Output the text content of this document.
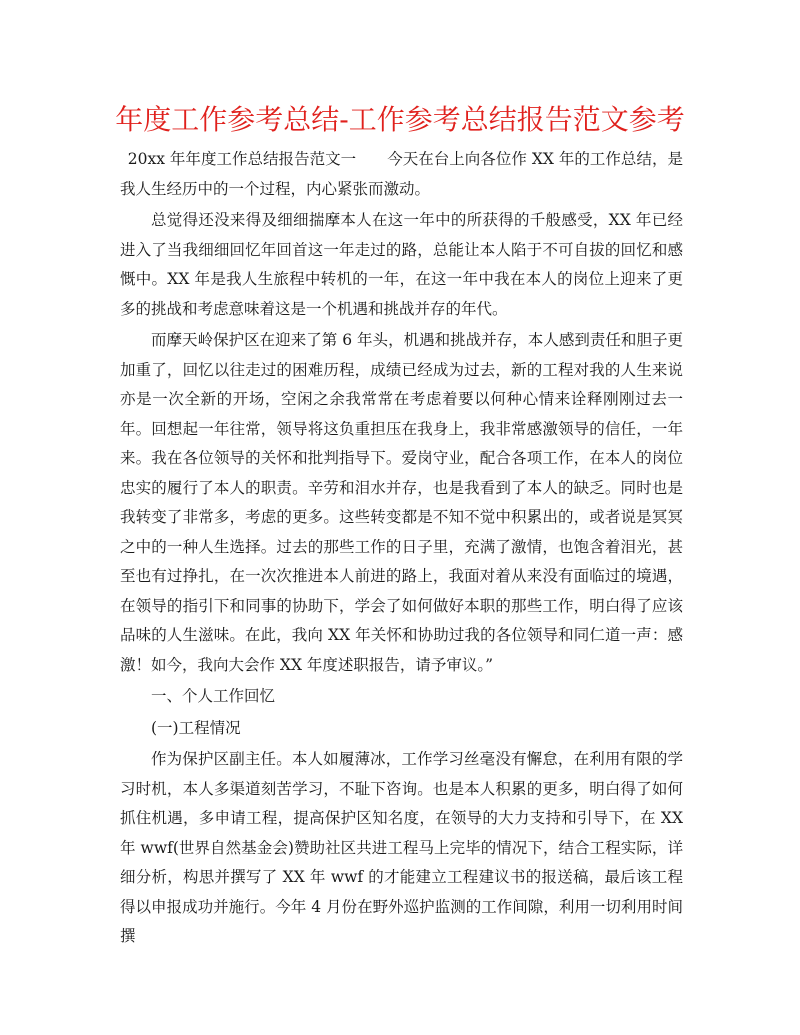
年度工作参考总结-工作参考总结报告范文参考

20xx 年年度工作总结报告范文一　　今天在台上向各位作 XX 年的工作总结，是我人生经历中的一个过程，内心紧张而激动。

总觉得还没来得及细细揣摩本人在这一年中的所获得的千般感受，XX 年已经进入了当我细细回忆年回首这一年走过的路，总能让本人陷于不可自拔的回忆和感慨中。XX 年是我人生旅程中转机的一年，在这一年中我在本人的岗位上迎来了更多的挑战和考虑意味着这是一个机遇和挑战并存的年代。

而摩天岭保护区在迎来了第 6 年头，机遇和挑战并存，本人感到责任和胆子更加重了，回忆以往走过的困难历程，成绩已经成为过去，新的工程对我的人生来说亦是一次全新的开场，空闲之余我常常在考虑着要以何种心情来诠释刚刚过去一年。回想起一年往常，领导将这负重担压在我身上，我非常感激领导的信任，一年来。我在各位领导的关怀和批判指导下。爱岗守业，配合各项工作，在本人的岗位忠实的履行了本人的职责。辛劳和泪水并存，也是我看到了本人的缺乏。同时也是我转变了非常多，考虑的更多。这些转变都是不知不觉中积累出的，或者说是冥冥之中的一种人生选择。过去的那些工作的日子里，充满了激情，也饱含着泪光，甚至也有过挣扎，在一次次推进本人前进的路上，我面对着从来没有面临过的境遇，在领导的指引下和同事的协助下，学会了如何做好本职的那些工作，明白得了应该品味的人生滋味。在此，我向 XX 年关怀和协助过我的各位领导和同仁道一声：感激！如今，我向大会作 XX 年度述职报告，请予审议。”

一、个人工作回忆

(一)工程情况

作为保护区副主任。本人如履薄冰，工作学习丝毫没有懈怠，在利用有限的学习时机，本人多渠道刻苦学习，不耻下咨询。也是本人积累的更多，明白得了如何抓住机遇，多申请工程，提高保护区知名度，在领导的大力支持和引导下，在 XX 年 wwf(世界自然基金会)赞助社区共进工程马上完毕的情况下，结合工程实际，详细分析，构思并撰写了 XX 年 wwf 的才能建立工程建议书的报送稿，最后该工程得以申报成功并施行。今年 4 月份在野外巡护监测的工作间隙，利用一切利用时间撰
